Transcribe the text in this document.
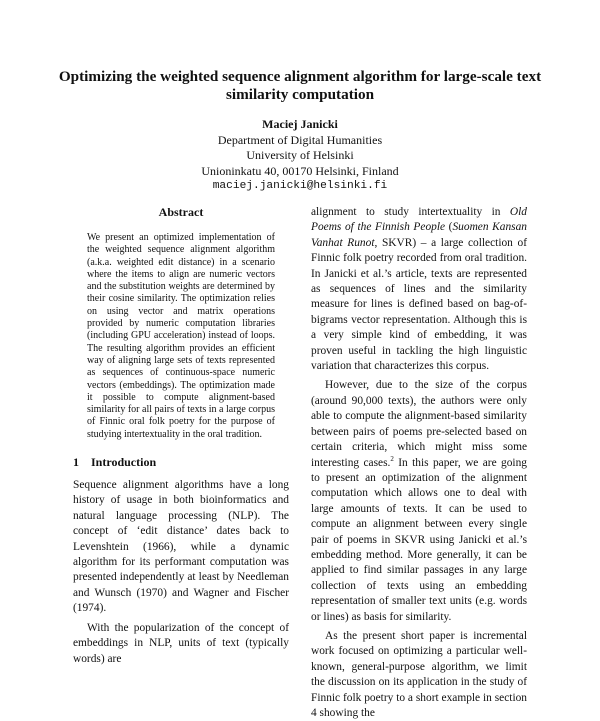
Optimizing the weighted sequence alignment algorithm for large-scale text similarity computation
Maciej Janicki
Department of Digital Humanities
University of Helsinki
Unioninkatu 40, 00170 Helsinki, Finland
maciej.janicki@helsinki.fi
Abstract

We present an optimized implementation of the weighted sequence alignment algorithm (a.k.a. weighted edit distance) in a scenario where the items to align are numeric vectors and the substitution weights are determined by their cosine similarity. The optimization relies on using vector and matrix operations provided by numeric computation libraries (including GPU acceleration) instead of loops. The resulting algorithm provides an efficient way of aligning large sets of texts represented as sequences of continuous-space numeric vectors (embeddings). The optimization made it possible to compute alignment-based similarity for all pairs of texts in a large corpus of Finnic oral folk poetry for the purpose of studying intertextuality in the oral tradition.

1 Introduction

Sequence alignment algorithms have a long history of usage in both bioinformatics and natural language processing (NLP). The concept of ‘edit distance’ dates back to Levenshtein (1966), while a dynamic algorithm for its performant computation was presented independently at least by Needleman and Wunsch (1970) and Wagner and Fischer (1974).

With the popularization of the concept of embeddings in NLP, units of text (typically words) are

alignment to study intertextuality in Old Poems of the Finnish People (Suomen Kansan Vanhat Runot, SKVR) – a large collection of Finnic folk poetry recorded from oral tradition. In Janicki et al.’s article, texts are represented as sequences of lines and the similarity measure for lines is defined based on bag-of-bigrams vector representation. Although this is a very simple kind of embedding, it was proven useful in tackling the high linguistic variation that characterizes this corpus.

However, due to the size of the corpus (around 90,000 texts), the authors were only able to compute the alignment-based similarity between pairs of poems pre-selected based on certain criteria, which might miss some interesting cases.$^2$ In this paper, we are going to present an optimization of the alignment computation which allows one to deal with large amounts of texts. It can be used to compute an alignment between every single pair of poems in SKVR using Janicki et al.’s embedding method. More generally, it can be applied to find similar passages in any large collection of texts using an embedding representation of smaller text units (e.g. words or lines) as basis for similarity.

As the present short paper is incremental work focused on optimizing a particular well-known, general-purpose algorithm, we limit the discussion on its application in the study of Finnic folk poetry to a short example in section 4 showing the
